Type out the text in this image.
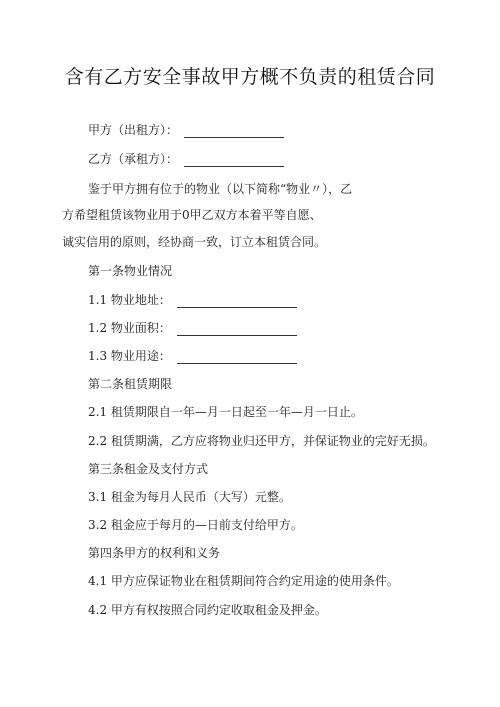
含有乙方安全事故甲方概不负责的租赁合同
甲方（出租方）：
乙方（承租方）：
鉴于甲方拥有位于的物业（以下简称“物业〃），乙
方希望租赁该物业用于0甲乙双方本着平等自愿、
诚实信用的原则，经协商一致，订立本租赁合同。
第一条物业情况
1.1 物业地址：
1.2 物业面积：
1.3 物业用途：
第二条租赁期限
2.1 租赁期限自一年—月一日起至一年—月一日止。
2.2 租赁期满，乙方应将物业归还甲方，并保证物业的完好无损。
第三条租金及支付方式
3.1 租金为每月人民币（大写）元整。
3.2 租金应于每月的—日前支付给甲方。
第四条甲方的权利和义务
4.1 甲方应保证物业在租赁期间符合约定用途的使用条件。
4.2 甲方有权按照合同约定收取租金及押金。
